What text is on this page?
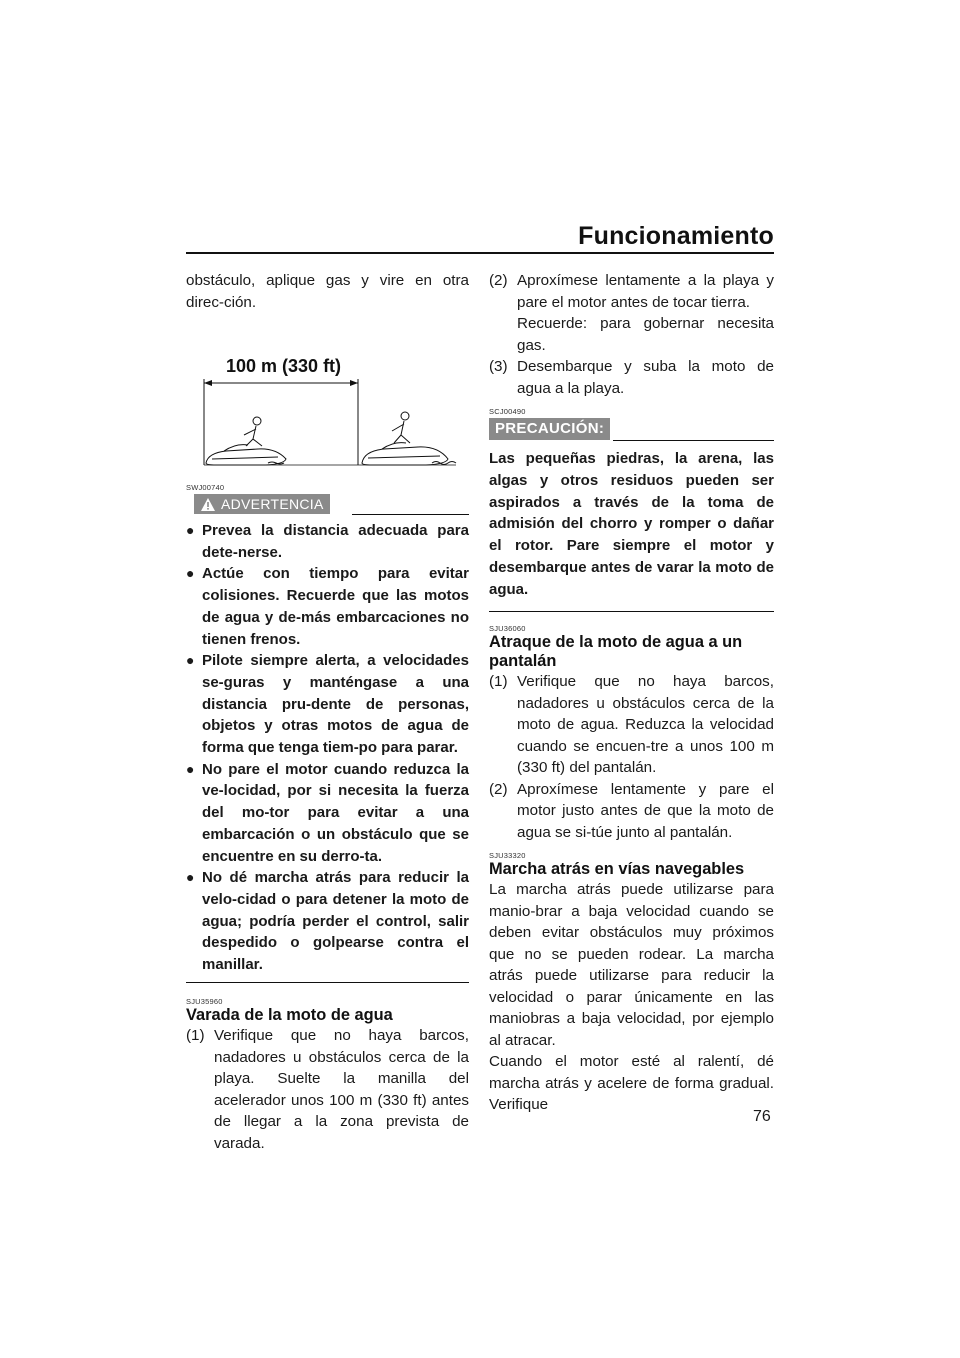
Funcionamiento

obstáculo, aplique gas y vire en otra direc-ción.

100 m (330 ft)
SWJ00740
ADVERTENCIA
● Prevea la distancia adecuada para dete-nerse.
● Actúe con tiempo para evitar colisiones. Recuerde que las motos de agua y de-más embarcaciones no tienen frenos.
● Pilote siempre alerta, a velocidades se-guras y manténgase a una distancia pru-dente de personas, objetos y otras motos de agua de forma que tenga tiem-po para parar.
● No pare el motor cuando reduzca la ve-locidad, por si necesita la fuerza del mo-tor para evitar a una embarcación o un obstáculo que se encuentre en su derro-ta.
● No dé marcha atrás para reducir la velo-cidad o para detener la moto de agua; podría perder el control, salir despedido o golpearse contra el manillar.
SJU35960
Varada de la moto de agua
(1) Verifique que no haya barcos, nadadores u obstáculos cerca de la playa. Suelte la manilla del acelerador unos 100 m (330 ft) antes de llegar a la zona prevista de varada.
(2) Aproxímese lentamente a la playa y pare el motor antes de tocar tierra.
Recuerde: para gobernar necesita gas.
(3) Desembarque y suba la moto de agua a la playa.
SCJ00490
PRECAUCIÓN:

Las pequeñas piedras, la arena, las algas y otros residuos pueden ser aspirados a través de la toma de admisión del chorro y romper o dañar el rotor. Pare siempre el motor y desembarque antes de varar la moto de agua.

SJU36060
Atraque de la moto de agua a un pantalán
(1) Verifique que no haya barcos, nadadores u obstáculos cerca de la moto de agua. Reduzca la velocidad cuando se encuen-tre a unos 100 m (330 ft) del pantalán.
(2) Aproxímese lentamente y pare el motor justo antes de que la moto de agua se si-túe junto al pantalán.
SJU33320
Marcha atrás en vías navegables

La marcha atrás puede utilizarse para manio-brar a baja velocidad cuando se deben evitar obstáculos muy próximos que no se pueden rodear. La marcha atrás puede utilizarse para reducir la velocidad o parar únicamente en las maniobras a baja velocidad, por ejemplo al atracar.

Cuando el motor esté al ralentí, dé marcha atrás y acelere de forma gradual. Verifique

76
